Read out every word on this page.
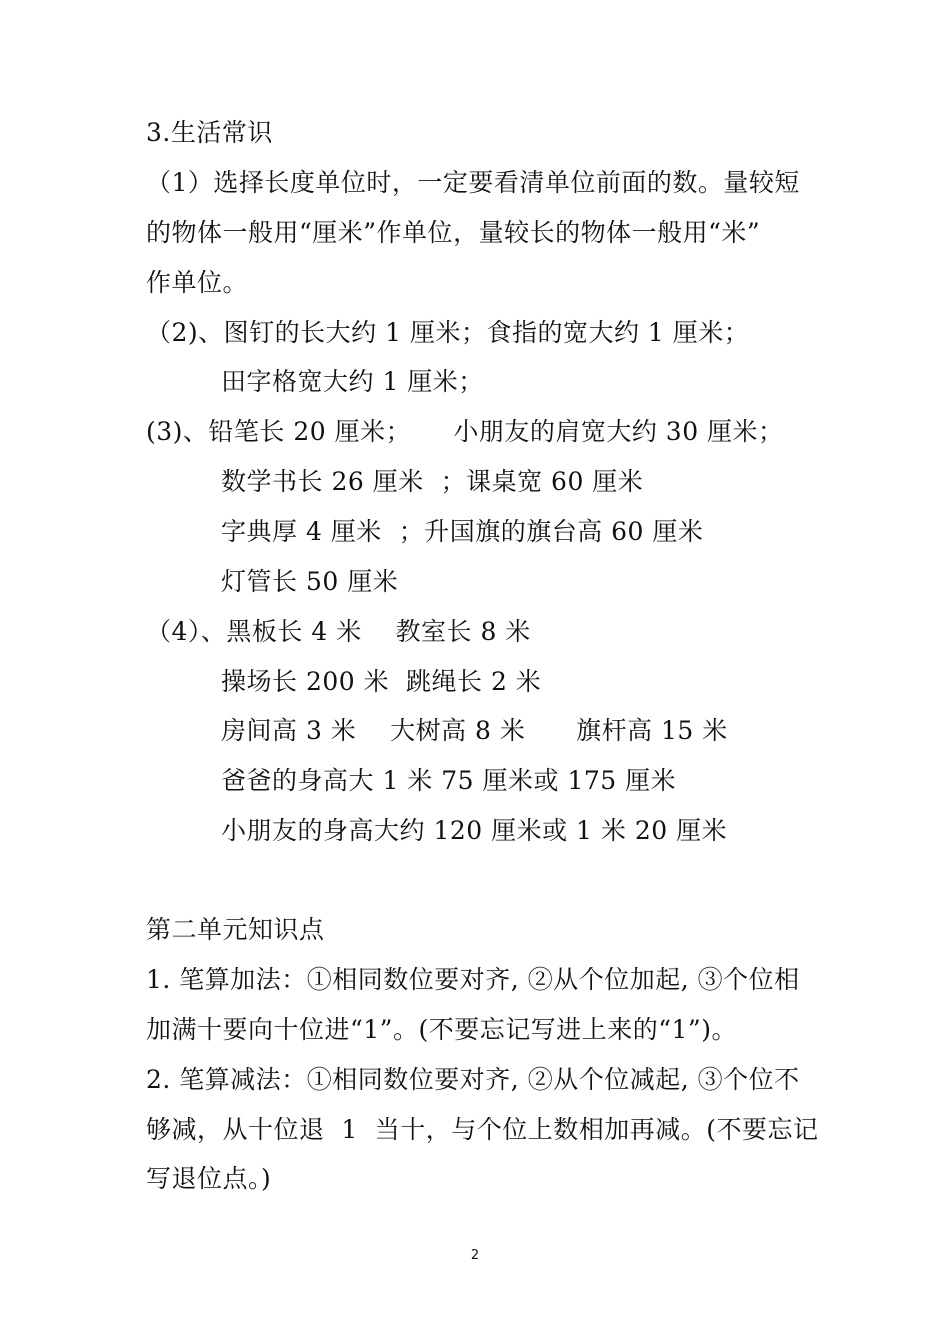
3.生活常识
（1）选择长度单位时，一定要看清单位前面的数。量较短
的物体一般用“厘米”作单位，量较长的物体一般用“米”
作单位。
（2)、图钉的长大约 1 厘米；食指的宽大约 1 厘米；
田字格宽大约 1 厘米；
(3)、铅笔长 20 厘米；     小朋友的肩宽大约 30 厘米；
数学书长 26 厘米  ；课桌宽 60 厘米
字典厚 4 厘米  ；升国旗的旗台高 60 厘米
灯管长 50 厘米
（4）、黑板长 4 米    教室长 8 米
操场长 200 米  跳绳长 2 米
房间高 3 米    大树高 8 米      旗杆高 15 米
爸爸的身高大 1 米 75 厘米或 175 厘米
小朋友的身高大约 120 厘米或 1 米 20 厘米
第二单元知识点
1. 笔算加法：①相同数位要对齐, ②从个位加起, ③个位相
加满十要向十位进“1”。(不要忘记写进上来的“1”)。
2. 笔算减法：①相同数位要对齐, ②从个位减起, ③个位不
够减，从十位退  1  当十，与个位上数相加再减。(不要忘记
写退位点。)
2
